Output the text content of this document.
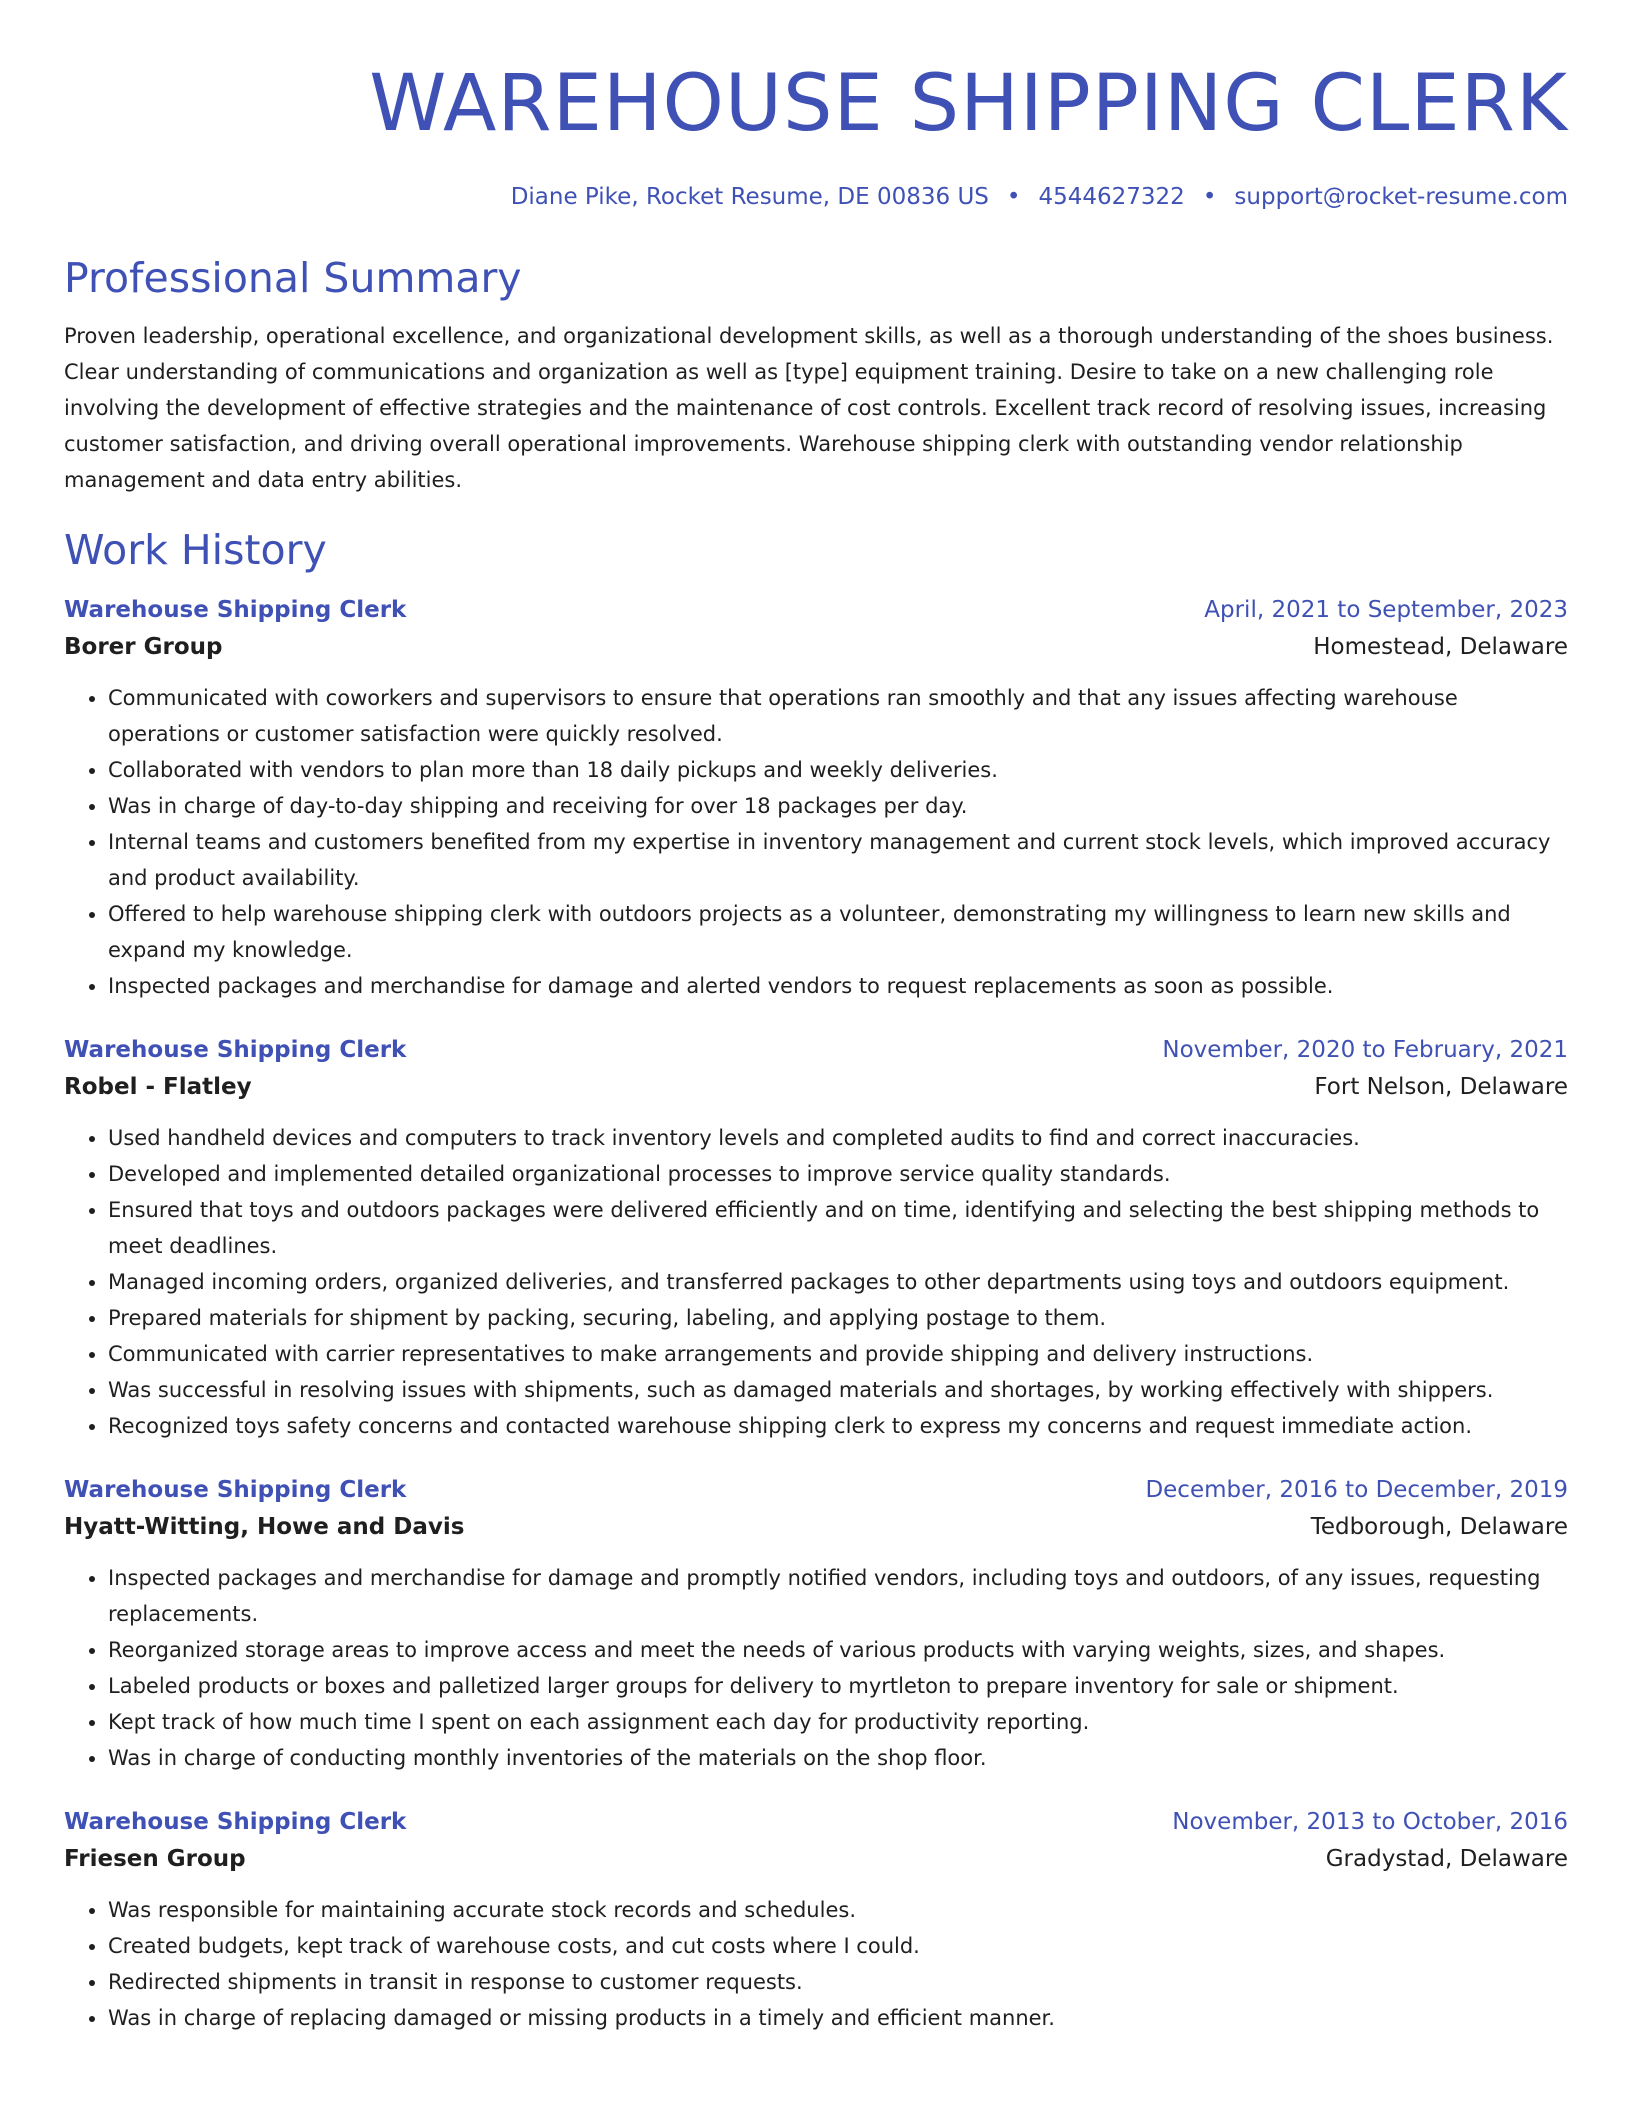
WAREHOUSE SHIPPING CLERK
Diane Pike, Rocket Resume, DE 00836 US • 4544627322 • support@rocket-resume.com
Professional Summary

Proven leadership, operational excellence, and organizational development skills, as well as a thorough understanding of the shoes business. Clear understanding of communications and organization as well as [type] equipment training. Desire to take on a new challenging role involving the development of effective strategies and the maintenance of cost controls. Excellent track record of resolving issues, increasing customer satisfaction, and driving overall operational improvements. Warehouse shipping clerk with outstanding vendor relationship management and data entry abilities.

Work History
Warehouse Shipping Clerk	April, 2021 to September, 2023
Borer Group	Homestead, Delaware
• Communicated with coworkers and supervisors to ensure that operations ran smoothly and that any issues affecting warehouse operations or customer satisfaction were quickly resolved.
• Collaborated with vendors to plan more than 18 daily pickups and weekly deliveries.
• Was in charge of day-to-day shipping and receiving for over 18 packages per day.
• Internal teams and customers benefited from my expertise in inventory management and current stock levels, which improved accuracy and product availability.
• Offered to help warehouse shipping clerk with outdoors projects as a volunteer, demonstrating my willingness to learn new skills and expand my knowledge.
• Inspected packages and merchandise for damage and alerted vendors to request replacements as soon as possible.
Warehouse Shipping Clerk	November, 2020 to February, 2021
Robel - Flatley	Fort Nelson, Delaware
• Used handheld devices and computers to track inventory levels and completed audits to find and correct inaccuracies.
• Developed and implemented detailed organizational processes to improve service quality standards.
• Ensured that toys and outdoors packages were delivered efficiently and on time, identifying and selecting the best shipping methods to meet deadlines.
• Managed incoming orders, organized deliveries, and transferred packages to other departments using toys and outdoors equipment.
• Prepared materials for shipment by packing, securing, labeling, and applying postage to them.
• Communicated with carrier representatives to make arrangements and provide shipping and delivery instructions.
• Was successful in resolving issues with shipments, such as damaged materials and shortages, by working effectively with shippers.
• Recognized toys safety concerns and contacted warehouse shipping clerk to express my concerns and request immediate action.
Warehouse Shipping Clerk	December, 2016 to December, 2019
Hyatt-Witting, Howe and Davis	Tedborough, Delaware
• Inspected packages and merchandise for damage and promptly notified vendors, including toys and outdoors, of any issues, requesting replacements.
• Reorganized storage areas to improve access and meet the needs of various products with varying weights, sizes, and shapes.
• Labeled products or boxes and palletized larger groups for delivery to myrtleton to prepare inventory for sale or shipment.
• Kept track of how much time I spent on each assignment each day for productivity reporting.
• Was in charge of conducting monthly inventories of the materials on the shop floor.
Warehouse Shipping Clerk	November, 2013 to October, 2016
Friesen Group	Gradystad, Delaware
• Was responsible for maintaining accurate stock records and schedules.
• Created budgets, kept track of warehouse costs, and cut costs where I could.
• Redirected shipments in transit in response to customer requests.
• Was in charge of replacing damaged or missing products in a timely and efficient manner.
